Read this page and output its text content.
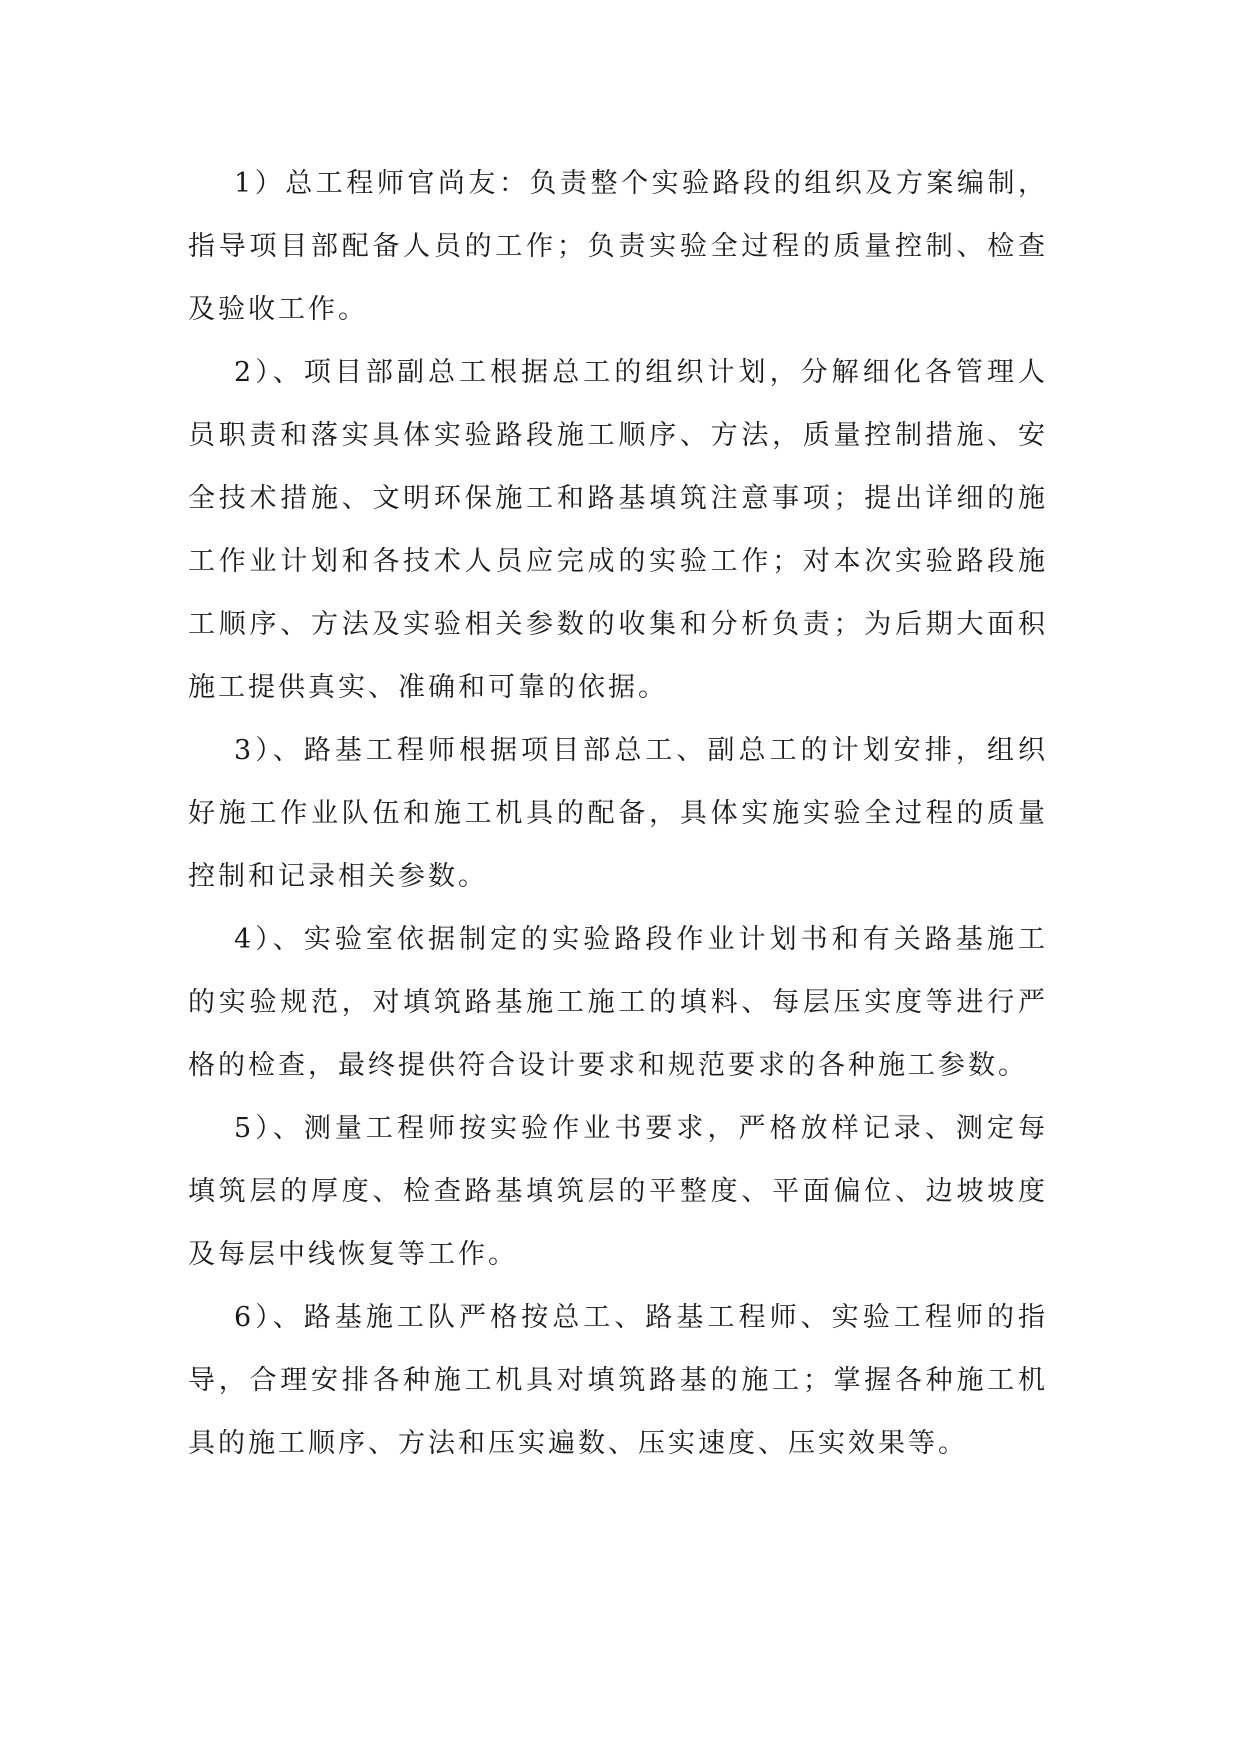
1）总工程师官尚友：负责整个实验路段的组织及方案编制，指导项目部配备人员的工作；负责实验全过程的质量控制、检查及验收工作。

2）、项目部副总工根据总工的组织计划，分解细化各管理人员职责和落实具体实验路段施工顺序、方法，质量控制措施、安全技术措施、文明环保施工和路基填筑注意事项；提出详细的施工作业计划和各技术人员应完成的实验工作；对本次实验路段施工顺序、方法及实验相关参数的收集和分析负责；为后期大面积施工提供真实、准确和可靠的依据。

3）、路基工程师根据项目部总工、副总工的计划安排，组织好施工作业队伍和施工机具的配备，具体实施实验全过程的质量控制和记录相关参数。

4）、实验室依据制定的实验路段作业计划书和有关路基施工的实验规范，对填筑路基施工施工的填料、每层压实度等进行严格的检查，最终提供符合设计要求和规范要求的各种施工参数。

5）、测量工程师按实验作业书要求，严格放样记录、测定每填筑层的厚度、检查路基填筑层的平整度、平面偏位、边坡坡度及每层中线恢复等工作。

6）、路基施工队严格按总工、路基工程师、实验工程师的指导，合理安排各种施工机具对填筑路基的施工；掌握各种施工机具的施工顺序、方法和压实遍数、压实速度、压实效果等。
